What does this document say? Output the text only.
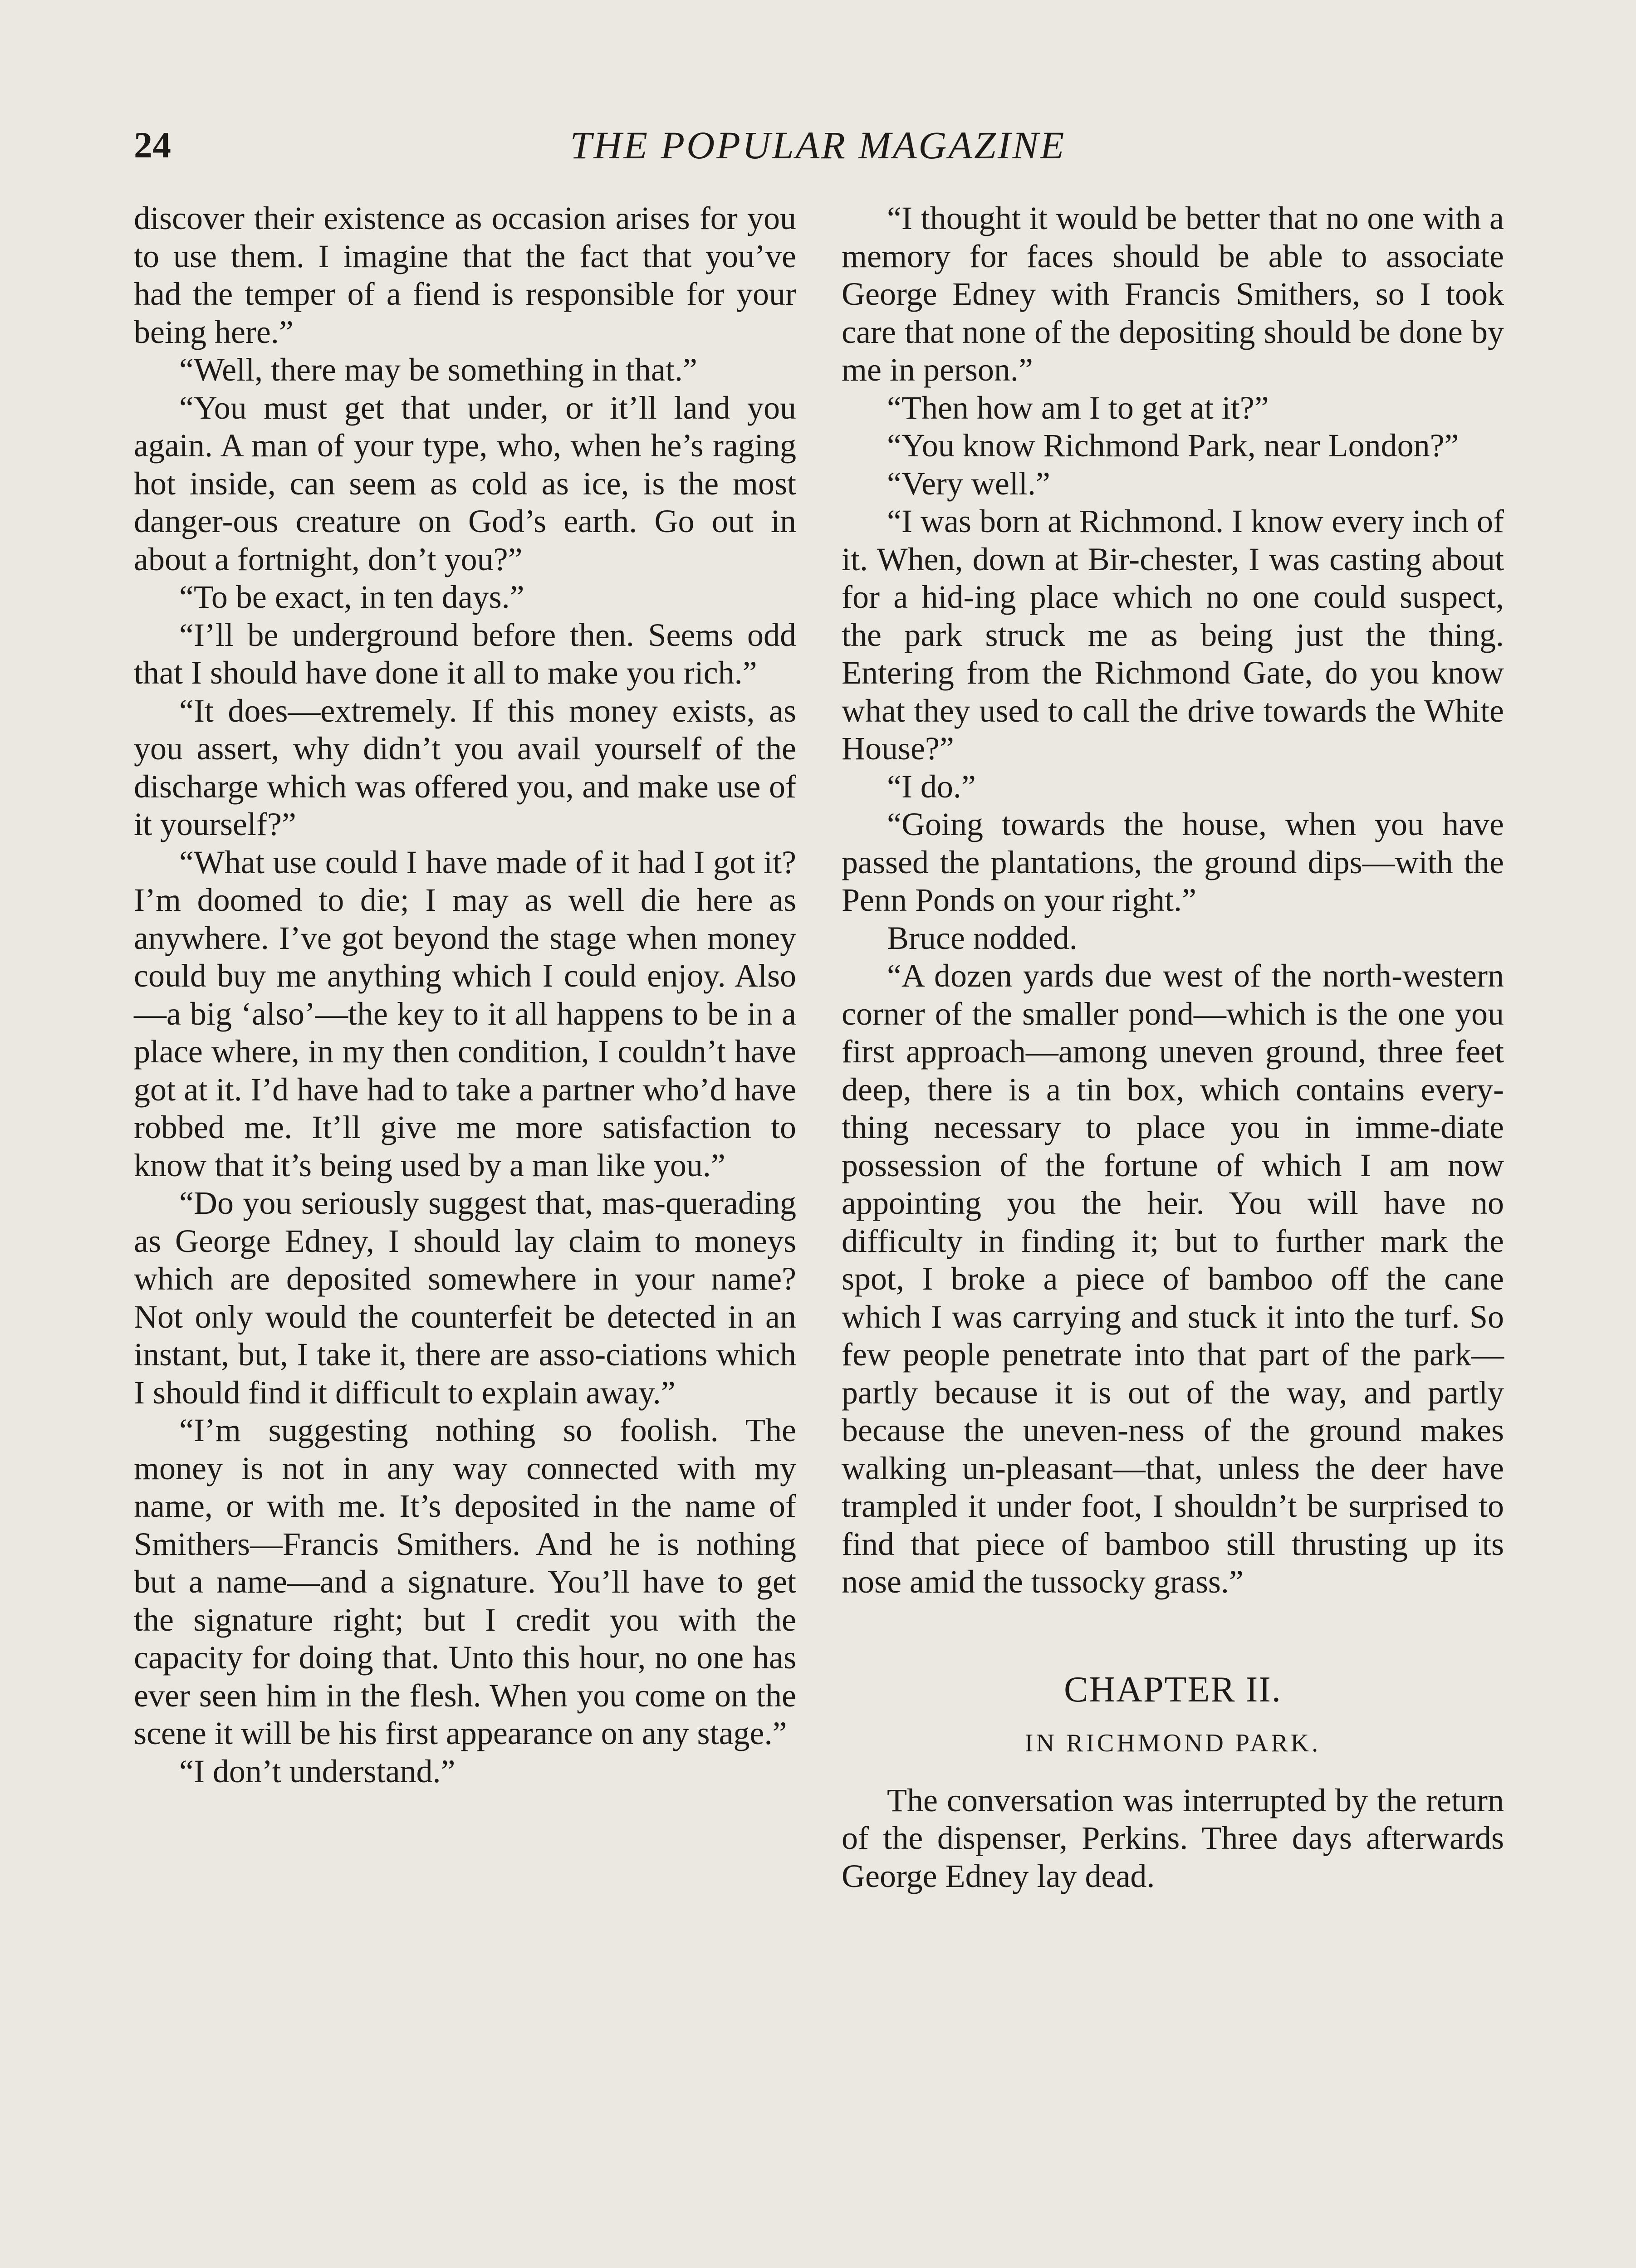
24	THE POPULAR MAGAZINE

discover their existence as occasion arises for you to use them. I imagine that the fact that you’ve had the temper of a fiend is responsible for your being here.”

“Well, there may be something in that.”

“You must get that under, or it’ll land you again. A man of your type, who, when he’s raging hot inside, can seem as cold as ice, is the most danger-ous creature on God’s earth. Go out in about a fortnight, don’t you?”

“To be exact, in ten days.”

“I’ll be underground before then. Seems odd that I should have done it all to make you rich.”

“It does—extremely. If this money exists, as you assert, why didn’t you avail yourself of the discharge which was offered you, and make use of it yourself?”

“What use could I have made of it had I got it? I’m doomed to die; I may as well die here as anywhere. I’ve got beyond the stage when money could buy me anything which I could enjoy. Also—a big ‘also’—the key to it all happens to be in a place where, in my then condition, I couldn’t have got at it. I’d have had to take a partner who’d have robbed me. It’ll give me more satisfaction to know that it’s being used by a man like you.”

“Do you seriously suggest that, mas-querading as George Edney, I should lay claim to moneys which are deposited somewhere in your name? Not only would the counterfeit be detected in an instant, but, I take it, there are asso-ciations which I should find it difficult to explain away.”

“I’m suggesting nothing so foolish. The money is not in any way connected with my name, or with me. It’s deposited in the name of Smithers—Francis Smithers. And he is nothing but a name—and a signature. You’ll have to get the signature right; but I credit you with the capacity for doing that. Unto this hour, no one has ever seen him in the flesh. When you come on the scene it will be his first appearance on any stage.”

“I don’t understand.”

“I thought it would be better that no one with a memory for faces should be able to associate George Edney with Francis Smithers, so I took care that none of the depositing should be done by me in person.”

“Then how am I to get at it?”

“You know Richmond Park, near London?”

“Very well.”

“I was born at Richmond. I know every inch of it. When, down at Bir-chester, I was casting about for a hid-ing place which no one could suspect, the park struck me as being just the thing. Entering from the Richmond Gate, do you know what they used to call the drive towards the White House?”

“I do.”

“Going towards the house, when you have passed the plantations, the ground dips—with the Penn Ponds on your right.”

Bruce nodded.

“A dozen yards due west of the north-western corner of the smaller pond—which is the one you first approach—among uneven ground, three feet deep, there is a tin box, which contains every-thing necessary to place you in imme-diate possession of the fortune of which I am now appointing you the heir. You will have no difficulty in finding it; but to further mark the spot, I broke a piece of bamboo off the cane which I was carrying and stuck it into the turf. So few people penetrate into that part of the park—partly because it is out of the way, and partly because the uneven-ness of the ground makes walking un-pleasant—that, unless the deer have trampled it under foot, I shouldn’t be surprised to find that piece of bamboo still thrusting up its nose amid the tussocky grass.”

CHAPTER II.
IN RICHMOND PARK.

The conversation was interrupted by the return of the dispenser, Perkins. Three days afterwards George Edney lay dead.
